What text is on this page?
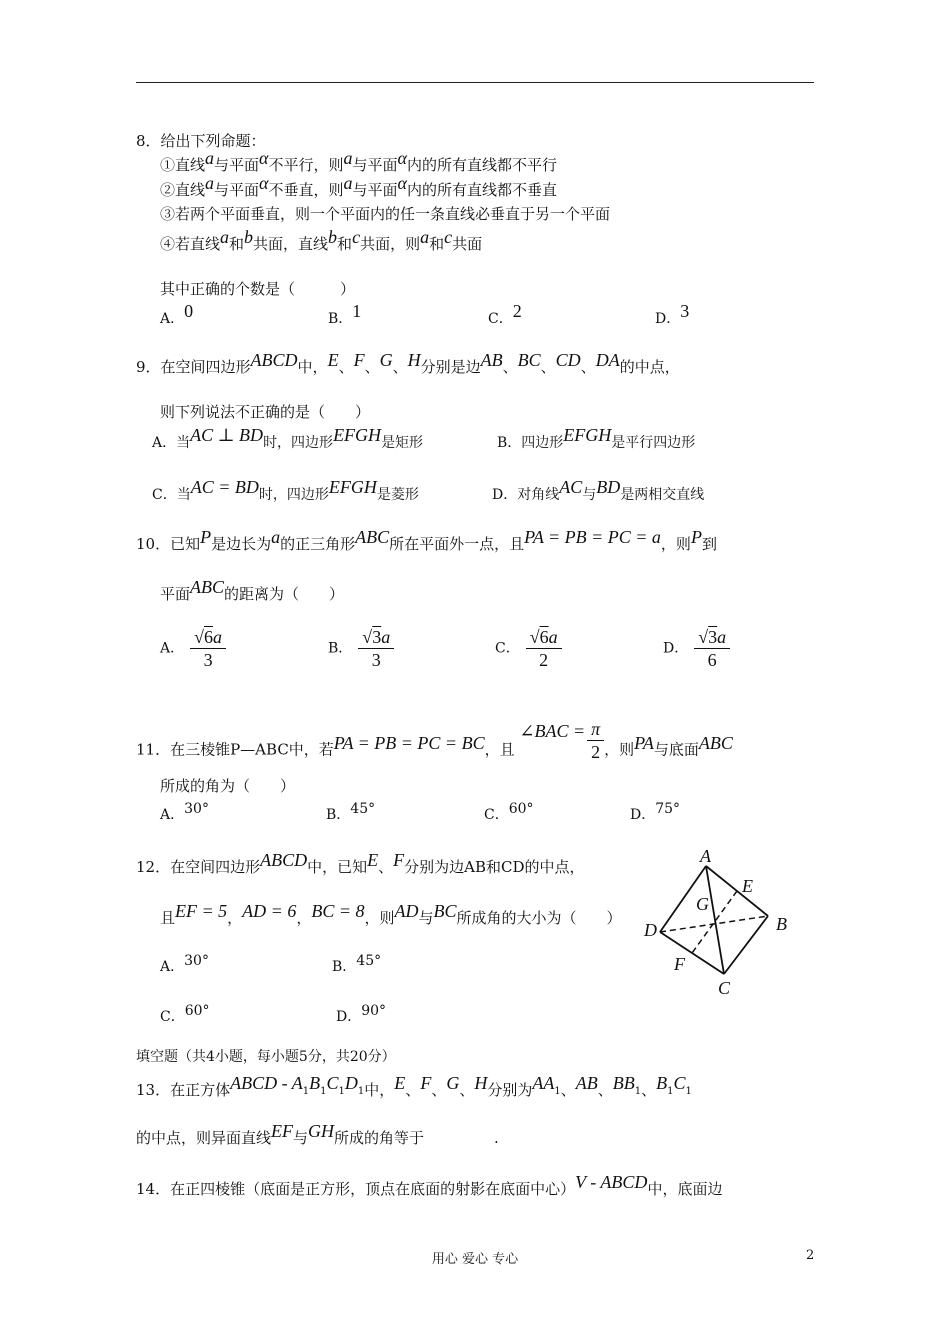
8．给出下列命题：
①直线a与平面α不平行，则a与平面α内的所有直线都不平行
②直线a与平面α不垂直，则a与平面α内的所有直线都不垂直
③若两个平面垂直，则一个平面内的任一条直线必垂直于另一个平面
④若直线a和b共面，直线b和c共面，则a和c共面
其中正确的个数是（　　　）
A．0	B．1	C．2	D．3
9．在空间四边形ABCD中，E、F、G、H分别是边AB、BC、CD、DA的中点，
则下列说法不正确的是（　　）
A．当AC ⊥ BD时，四边形EFGH是矩形	B．四边形EFGH是平行四边形
C．当AC = BD时，四边形EFGH是菱形	D．对角线AC与BD是两相交直线
10．已知P是边长为a的正三角形ABC所在平面外一点，且PA = PB = PC = a，则P到
平面ABC的距离为（　　）
A． $\frac{√6a}{3}$	B． $\frac{√3a}{3}$	C． $\frac{√6a}{2}$	D． $\frac{√3a}{6}$
11．在三棱锥P—ABC中，若PA = PB = PC = BC，且 ∠BAC = $\frac{\pi}{2}$ ，则PA与底面ABC
所成的角为（　　）
A．30°	B．45°	C．60°	D．75°
12．在空间四边形ABCD中，已知E、F分别为边AB和CD的中点，
且EF = 5，AD = 6，BC = 8，则AD与BC所成角的大小为（　　）
A．30°	B．45°
C．60°	D．90°
A
B
C
D
E
F
G
填空题（共4小题，每小题5分，共20分）
13．在正方体ABCD - A1B1C1D1中，E、F、G、H分别为AA1、AB、BB1、B1C1
的中点，则异面直线EF与GH所成的角等于	.
14．在正四棱锥（底面是正方形，顶点在底面的射影在底面中心）V - ABCD中，底面边
用心 爱心 专心	2
